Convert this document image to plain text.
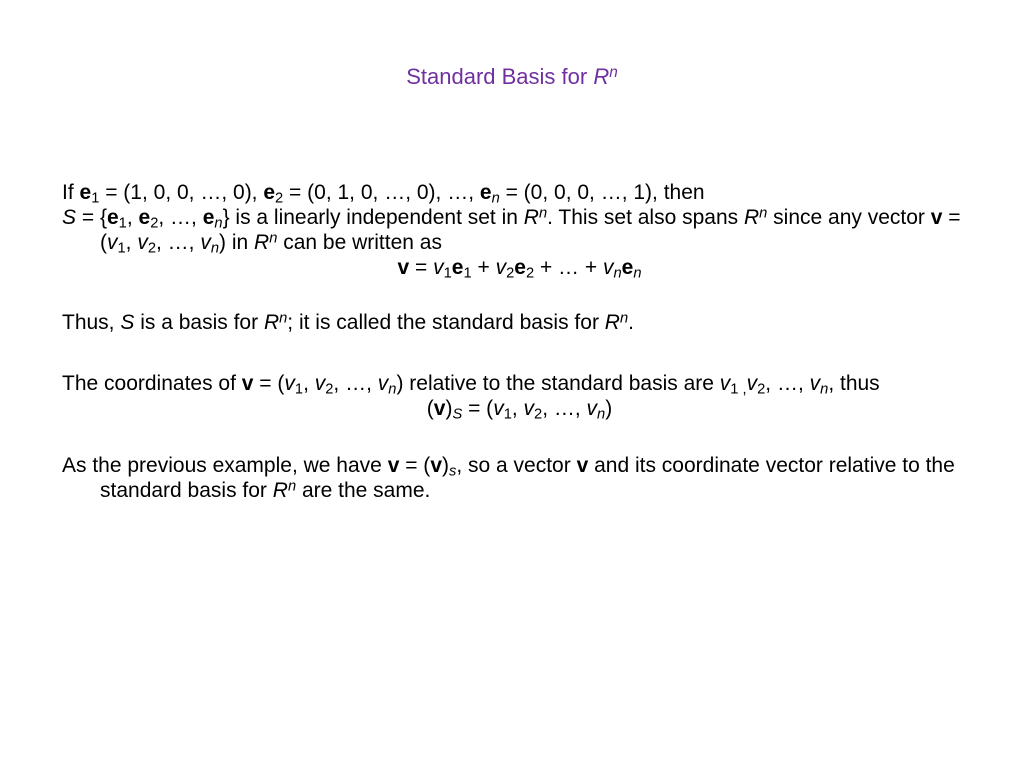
Standard Basis for $R^n$

If $e_1 = (1$, 0, 0, …, 0), $e_2 = (0$, 1, 0, …, 0), …, $e_n = (0$, 0, 0, …, 1), then

$S = \{e_1$, $e_2$, …, $e_n$} is a linearly independent set in $R^n$. This set also spans $R^n$ since any vector $v = (v_1$, $v_2$, …, $v_n$) in $R^n$ can be written as

$v = v_1e_1 + v_2e_2$ + … + $v_ne_n$

Thus, S is a basis for $R^n$; it is called the standard basis for $R^n$.

The coordinates of $v = (v_1$, $v_2$, …, $v_n$) relative to the standard basis are $v_{1 ,}v_2$, …, $v_n$, thus

$(v)_S = (v_1$, $v_2$, …, $v_n$)

As the previous example, we have $v = (v)_s$, so a vector v and its coordinate vector relative to the standard basis for $R^n$ are the same.
